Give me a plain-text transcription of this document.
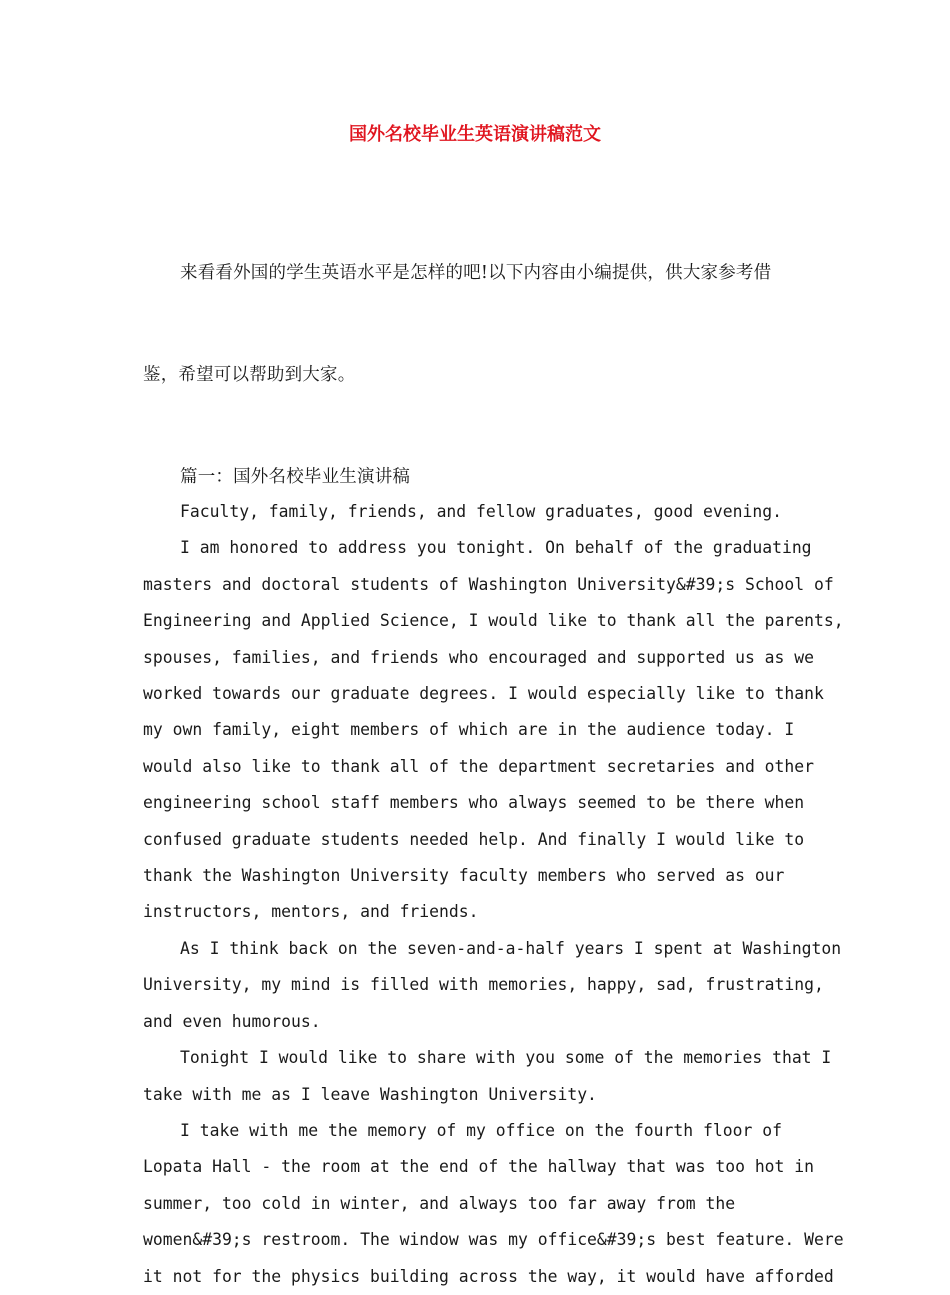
国外名校毕业生英语演讲稿范文

来看看外国的学生英语水平是怎样的吧!以下内容由小编提供，供大家参考借

鉴，希望可以帮助到大家。

篇一：国外名校毕业生演讲稿

Faculty, family, friends, and fellow graduates, good evening.

I am honored to address you tonight. On behalf of the graduating
masters and doctoral students of Washington University&#39;s School of
Engineering and Applied Science, I would like to thank all the parents,
spouses, families, and friends who encouraged and supported us as we
worked towards our graduate degrees. I would especially like to thank
my own family, eight members of which are in the audience today. I
would also like to thank all of the department secretaries and other
engineering school staff members who always seemed to be there when
confused graduate students needed help. And finally I would like to
thank the Washington University faculty members who served as our
instructors, mentors, and friends.

As I think back on the seven-and-a-half years I spent at Washington
University, my mind is filled with memories, happy, sad, frustrating,
and even humorous.

Tonight I would like to share with you some of the memories that I
take with me as I leave Washington University.

I take with me the memory of my office on the fourth floor of
Lopata Hall - the room at the end of the hallway that was too hot in
summer, too cold in winter, and always too far away from the
women&#39;s restroom. The window was my office&#39;s best feature. Were
it not for the physics building across the way, it would have afforded
